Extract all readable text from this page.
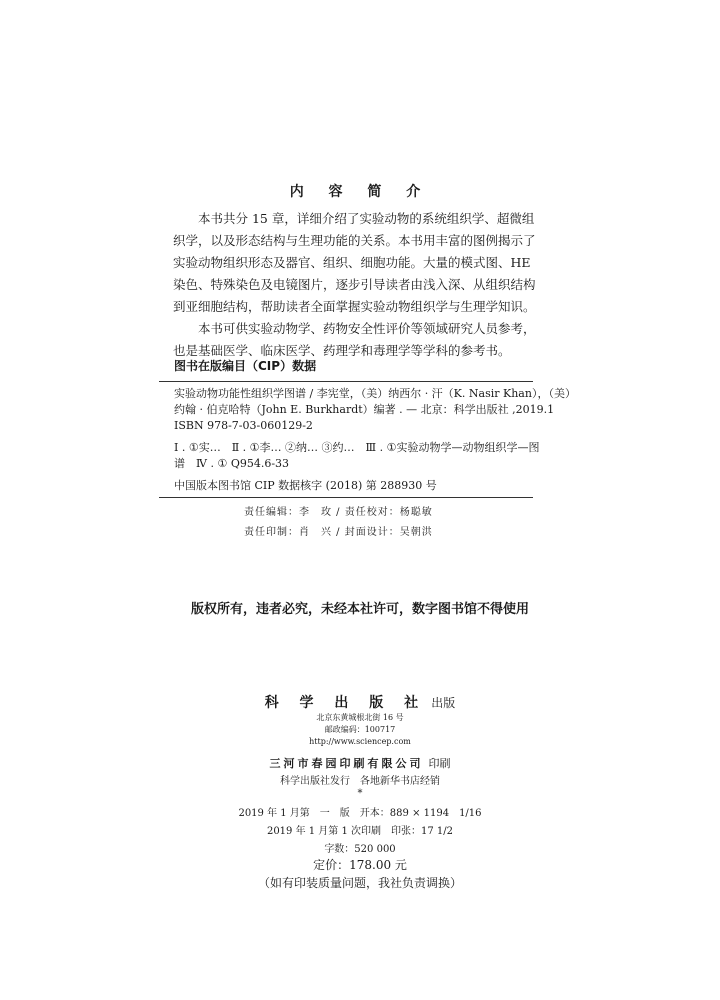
内 容 简 介

本书共分 15 章，详细介绍了实验动物的系统组织学、超微组织学，以及形态结构与生理功能的关系。本书用丰富的图例揭示了实验动物组织形态及器官、组织、细胞功能。大量的模式图、HE 染色、特殊染色及电镜图片，逐步引导读者由浅入深、从组织结构到亚细胞结构，帮助读者全面掌握实验动物组织学与生理学知识。

本书可供实验动物学、药物安全性评价等领域研究人员参考，也是基础医学、临床医学、药理学和毒理学等学科的参考书。

图书在版编目（CIP）数据
实验动物功能性组织学图谱 / 李宪堂，（美）纳西尔 · 汗（K. Nasir Khan），（美）
约翰 · 伯克哈特（John E. Burkhardt）编著 . — 北京：科学出版社 ,2019.1
ISBN 978-7-03-060129-2
Ⅰ . ①实…　Ⅱ . ①李… ②纳… ③约…　Ⅲ . ①实验动物学—动物组织学—图
谱　Ⅳ . ① Q954.6-33
中国版本图书馆 CIP 数据核字 (2018) 第 288930 号
责任编辑：李　玫 / 责任校对：杨聪敏
责任印制：肖　兴 / 封面设计：吴朝洪
版权所有，违者必究，未经本社许可，数字图书馆不得使用
科 学 出 版 社 出版
北京东黄城根北街 16 号
邮政编码：100717
http://www.sciencep.com
三河市春园印刷有限公司 印刷
科学出版社发行　各地新华书店经销
*
2019 年 1 月第　一　版　开本：889 × 1194　1/16
2019 年 1 月第 1 次印刷　印张：17 1/2
字数：520 000
定价：178.00 元
（如有印装质量问题，我社负责调换）
